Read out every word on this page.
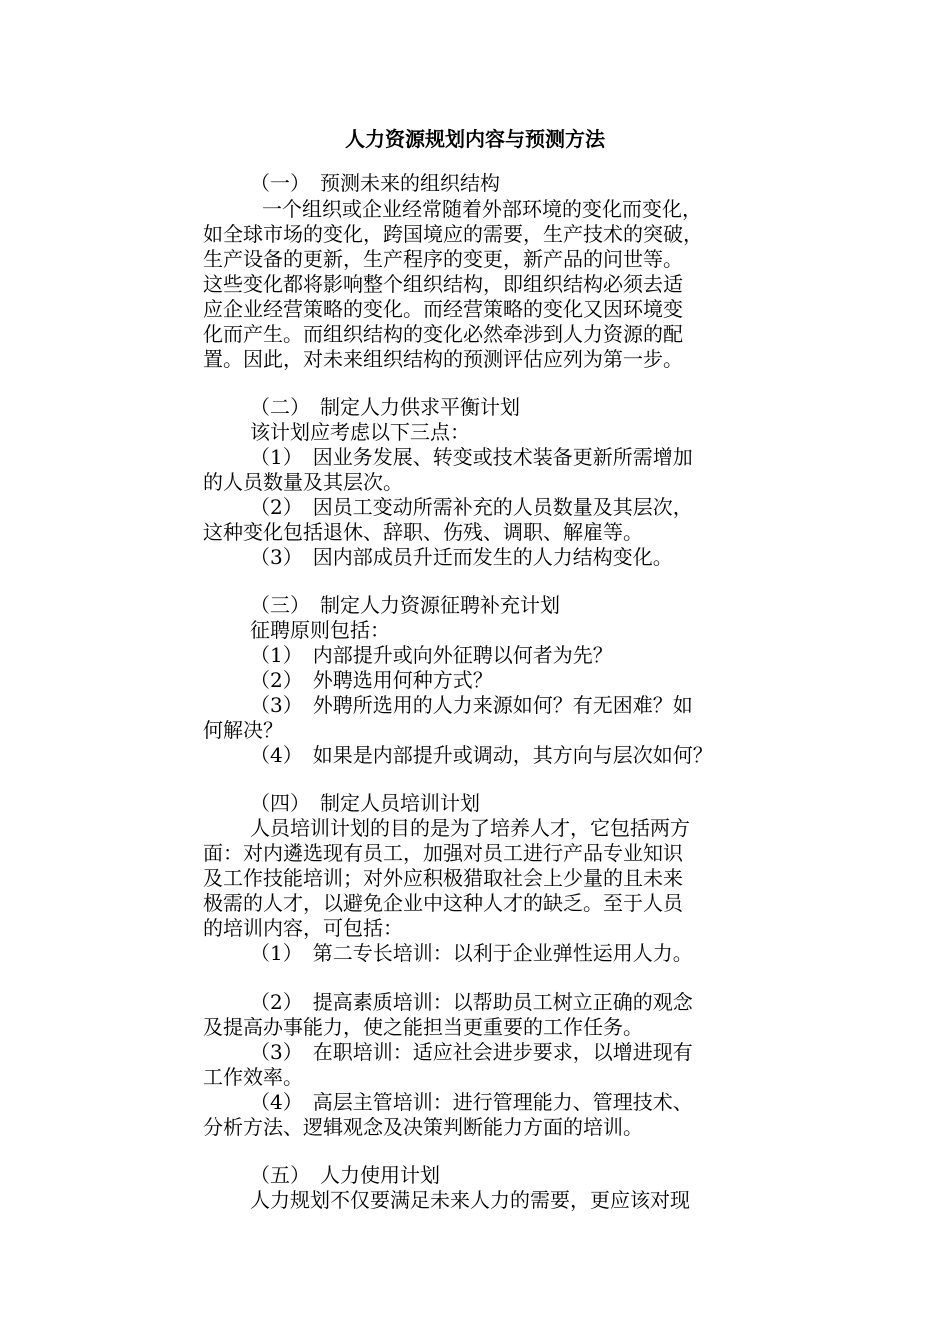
人力资源规划内容与预测方法

（一）　预测未来的组织结构

一个组织或企业经常随着外部环境的变化而变化，

如全球市场的变化，跨国境应的需要，生产技术的突破，

生产设备的更新，生产程序的变更，新产品的问世等。

这些变化都将影响整个组织结构，即组织结构必须去适

应企业经营策略的变化。而经营策略的变化又因环境变

化而产生。而组织结构的变化必然牵涉到人力资源的配

置。因此，对未来组织结构的预测评估应列为第一步。

（二）　制定人力供求平衡计划

该计划应考虑以下三点：

（1）　因业务发展、转变或技术装备更新所需增加

的人员数量及其层次。

（2）　因员工变动所需补充的人员数量及其层次，

这种变化包括退休、辞职、伤残、调职、解雇等。

（3）　因内部成员升迁而发生的人力结构变化。

（三）　制定人力资源征聘补充计划

征聘原则包括：

（1）　内部提升或向外征聘以何者为先？

（2）　外聘选用何种方式？

（3）　外聘所选用的人力来源如何？有无困难？如

何解决？

（4）　如果是内部提升或调动，其方向与层次如何？

（四）　制定人员培训计划

人员培训计划的目的是为了培养人才，它包括两方

面：对内遴选现有员工，加强对员工进行产品专业知识

及工作技能培训；对外应积极猎取社会上少量的且未来

极需的人才，以避免企业中这种人才的缺乏。至于人员

的培训内容，可包括：

（1）　第二专长培训：以利于企业弹性运用人力。

（2）　提高素质培训：以帮助员工树立正确的观念

及提高办事能力，使之能担当更重要的工作任务。

（3）　在职培训：适应社会进步要求，以增进现有

工作效率。

（4）　高层主管培训：进行管理能力、管理技术、

分析方法、逻辑观念及决策判断能力方面的培训。

（五）　人力使用计划

人力规划不仅要满足未来人力的需要，更应该对现
